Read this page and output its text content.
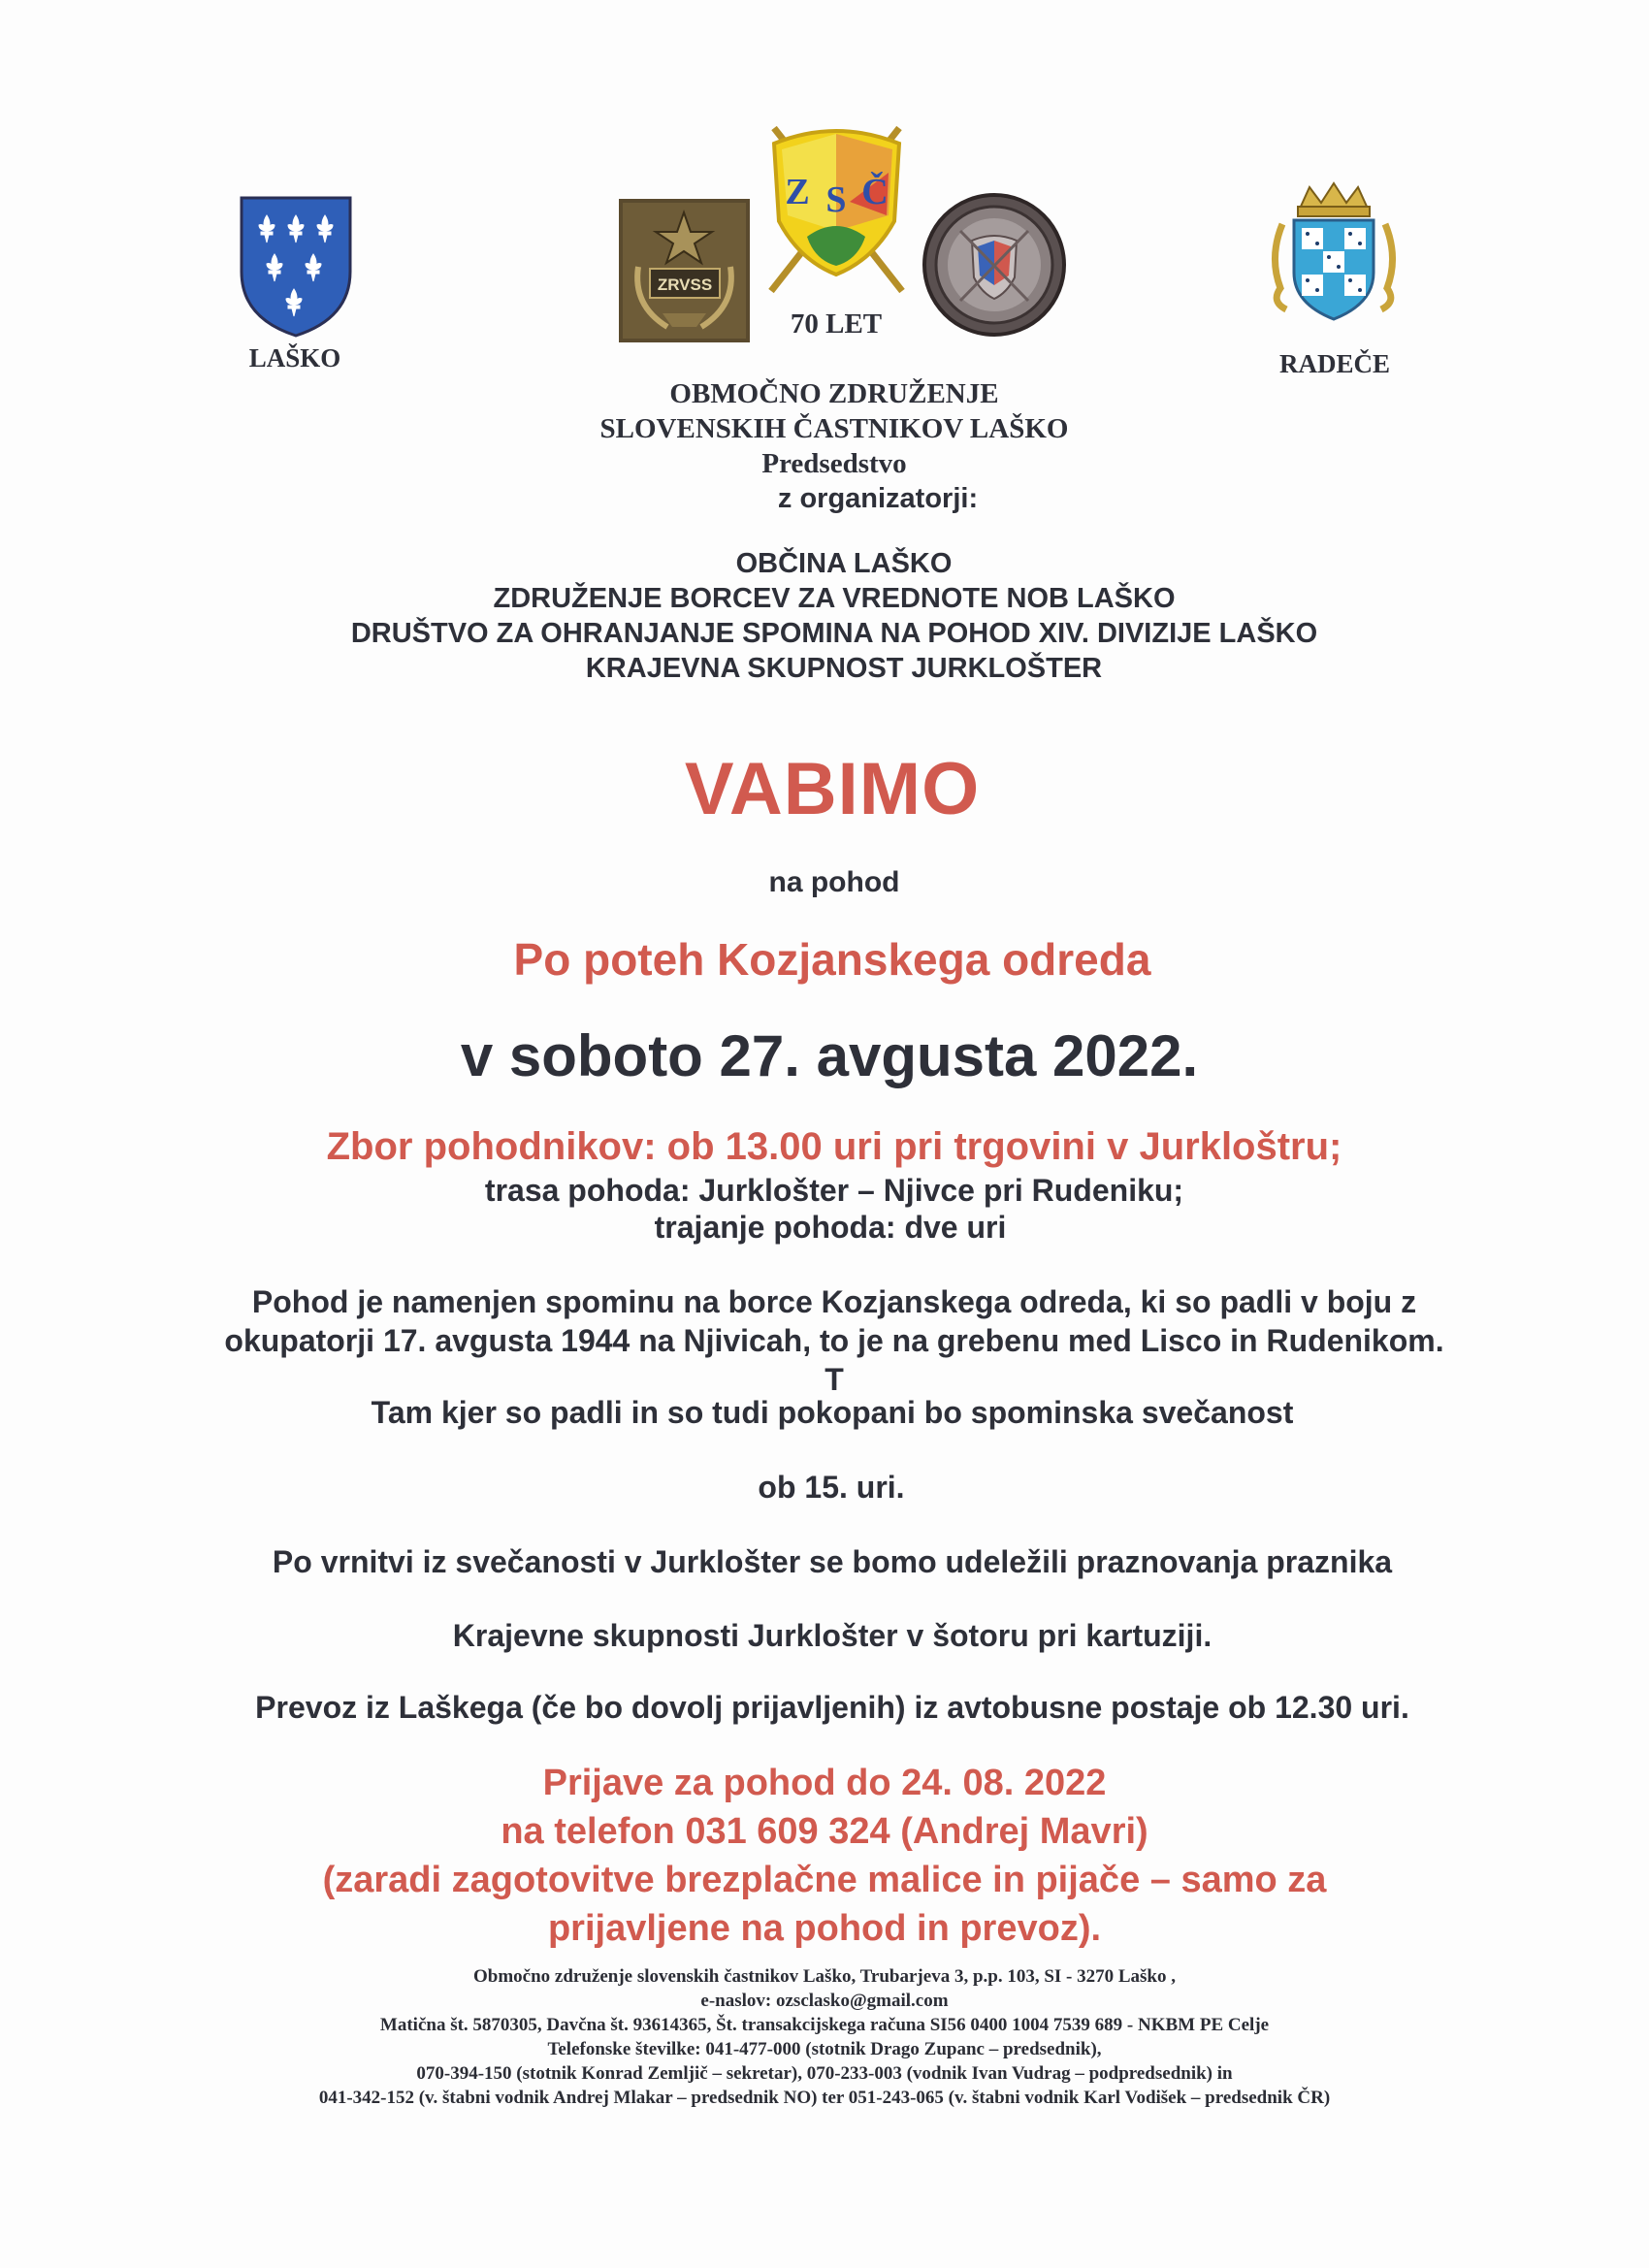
LAŠKO
ZRVSS
Z S Č
70 LET
RADEČE
OBMOČNO ZDRUŽENJE
SLOVENSKIH ČASTNIKOV LAŠKO
Predsedstvo
z organizatorji:
OBČINA LAŠKO
ZDRUŽENJE BORCEV ZA VREDNOTE NOB LAŠKO
DRUŠTVO ZA OHRANJANJE SPOMINA NA POHOD XIV. DIVIZIJE LAŠKO
KRAJEVNA SKUPNOST JURKLOŠTER
VABIMO
na pohod
Po poteh Kozjanskega odreda
v soboto 27. avgusta 2022.
Zbor pohodnikov: ob 13.00 uri pri trgovini v Jurkloštru;
trasa pohoda: Jurklošter – Njivce pri Rudeniku;
trajanje pohoda: dve uri
Pohod je namenjen spominu na borce Kozjanskega odreda, ki so padli v boju z okupatorji 17. avgusta 1944 na Njivicah, to je na grebenu med Lisco in Rudenikom. T
Tam kjer so padli in so tudi pokopani bo spominska svečanost
ob 15. uri.
Po vrnitvi iz svečanosti v Jurklošter se bomo udeležili praznovanja praznika
Krajevne skupnosti Jurklošter v šotoru pri kartuziji.
Prevoz iz Laškega (če bo dovolj prijavljenih) iz avtobusne postaje ob 12.30 uri.
Prijave za pohod do 24. 08. 2022
na telefon 031 609 324 (Andrej Mavri)
(zaradi zagotovitve brezplačne malice in pijače – samo za
prijavljene na pohod in prevoz).
Območno združenje slovenskih častnikov Laško, Trubarjeva 3, p.p. 103, SI - 3270 Laško ,
e-naslov: ozsclasko@gmail.com
Matična št. 5870305, Davčna št. 93614365, Št. transakcijskega računa SI56 0400 1004 7539 689 - NKBM PE Celje
Telefonske številke: 041-477-000 (stotnik Drago Zupanc – predsednik),
070-394-150 (stotnik Konrad Zemljič – sekretar), 070-233-003 (vodnik Ivan Vudrag – podpredsednik) in
041-342-152 (v. štabni vodnik Andrej Mlakar – predsednik NO) ter 051-243-065 (v. štabni vodnik Karl Vodišek – predsednik ČR)
